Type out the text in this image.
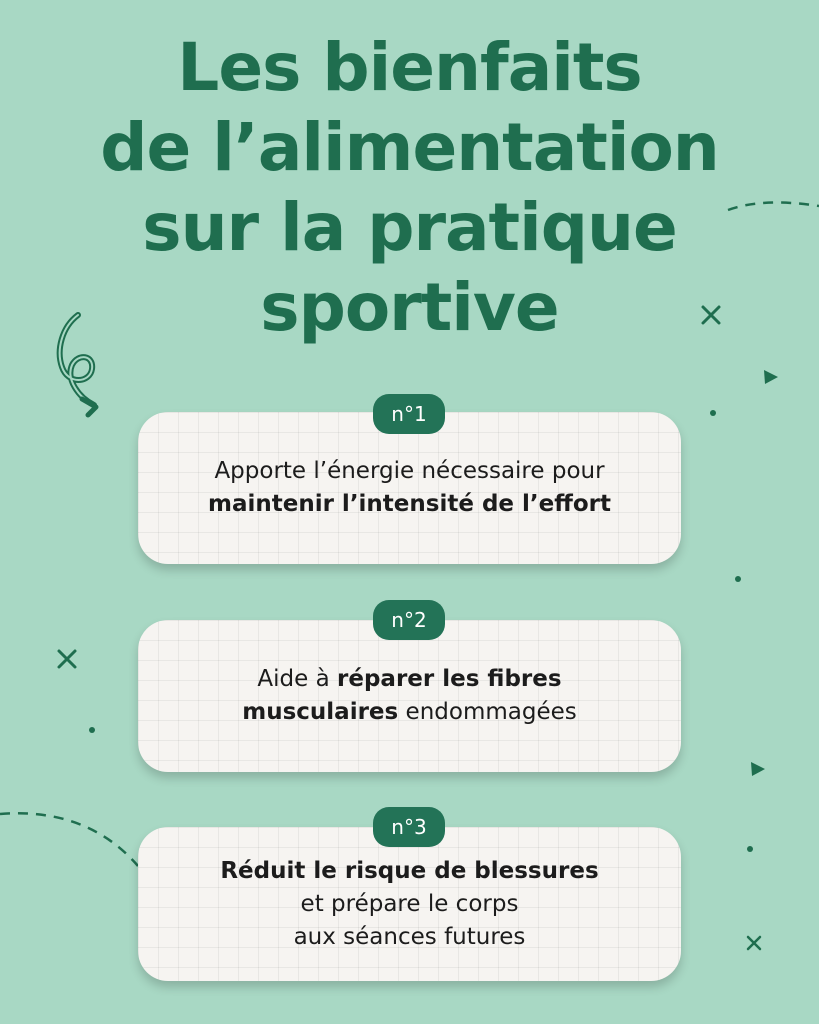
Les bienfaits
de l’alimentation
sur la pratique
sportive
Apporte l’énergie nécessaire pour
maintenir l’intensité de l’effort
n°1
Aide à réparer les fibres
musculaires endommagées
n°2
Réduit le risque de blessures
et prépare le corps
aux séances futures
n°3
